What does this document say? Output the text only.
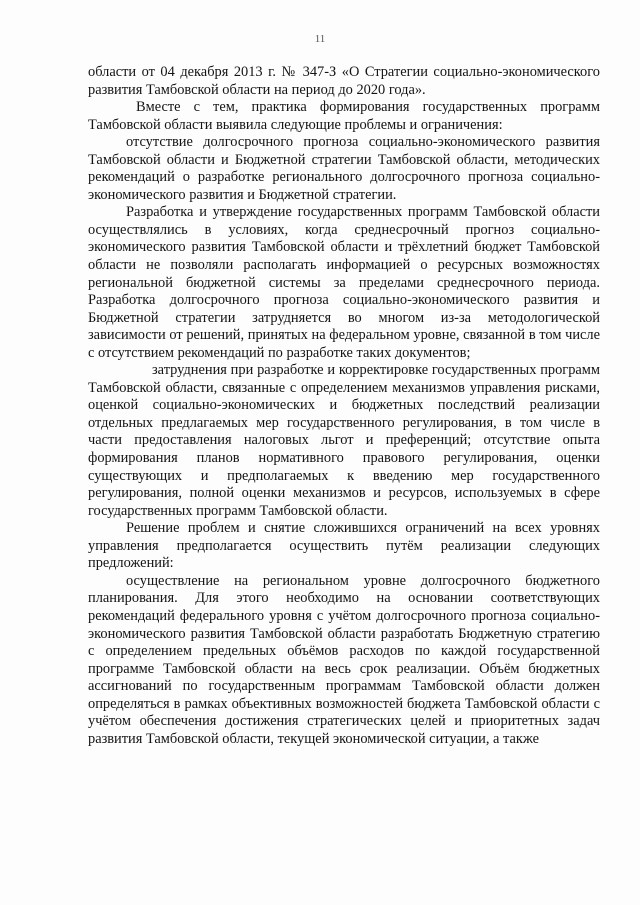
11

области от 04 декабря 2013 г. № 347-З «О Стратегии социально-экономического развития Тамбовской области на период до 2020 года».

Вместе с тем, практика формирования государственных программ Тамбовской области выявила следующие проблемы и ограничения:

отсутствие долгосрочного прогноза социально-экономического развития Тамбовской области и Бюджетной стратегии Тамбовской области, методических рекомендаций о разработке регионального долгосрочного прогноза социально-экономического развития и Бюджетной стратегии.

Разработка и утверждение государственных программ Тамбовской области осуществлялись в условиях, когда среднесрочный прогноз социально-экономического развития Тамбовской области и трёхлетний бюджет Тамбовской области не позволяли располагать информацией о ресурсных возможностях региональной бюджетной системы за пределами среднесрочного периода. Разработка долгосрочного прогноза социально-экономического развития и Бюджетной стратегии затрудняется во многом из-за методологической зависимости от решений, принятых на федеральном уровне, связанной в том числе с отсутствием рекомендаций по разработке таких документов;

затруднения при разработке и корректировке государственных программ Тамбовской области, связанные с определением механизмов управления рисками, оценкой социально-экономических и бюджетных последствий реализации отдельных предлагаемых мер государственного регулирования, в том числе в части предоставления налоговых льгот и преференций; отсутствие опыта формирования планов нормативного правового регулирования, оценки существующих и предполагаемых к введению мер государственного регулирования, полной оценки механизмов и ресурсов, используемых в сфере государственных программ Тамбовской области.

Решение проблем и снятие сложившихся ограничений на всех уровнях управления предполагается осуществить путём реализации следующих предложений:

осуществление на региональном уровне долгосрочного бюджетного планирования. Для этого необходимо на основании соответствующих рекомендаций федерального уровня с учётом долгосрочного прогноза социально-экономического развития Тамбовской области разработать Бюджетную стратегию с определением предельных объёмов расходов по каждой государственной программе Тамбовской области на весь срок реализации. Объём бюджетных ассигнований по государственным программам Тамбовской области должен определяться в рамках объективных возможностей бюджета Тамбовской области с учётом обеспечения достижения стратегических целей и приоритетных задач развития Тамбовской области, текущей экономической ситуации, а также
